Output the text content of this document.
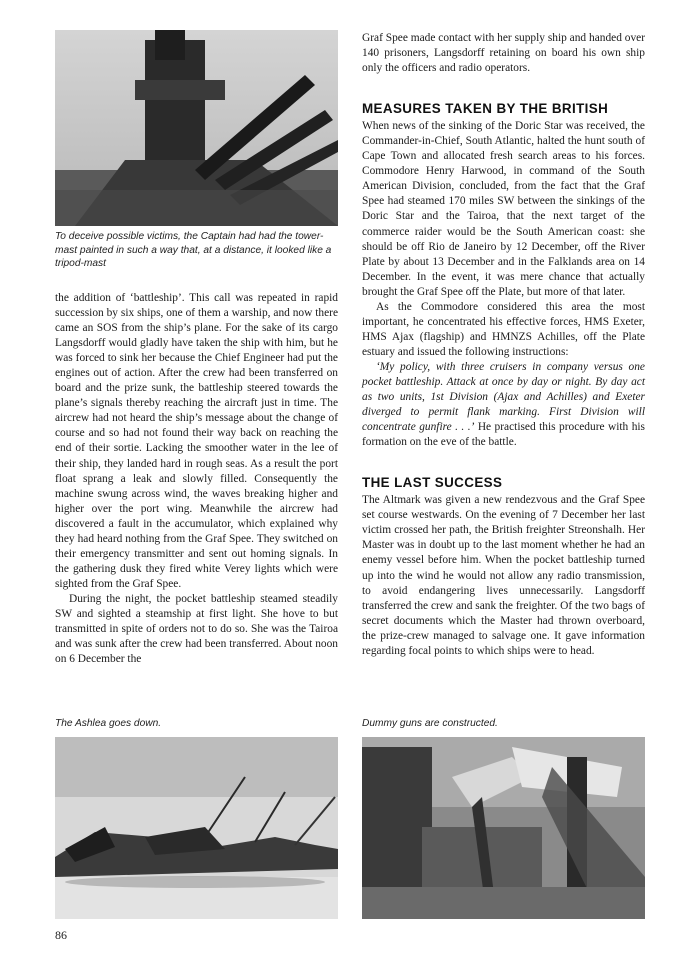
To deceive possible victims, the Captain had had the tower-mast painted in such a way that, at a distance, it looked like a tripod-mast

the addition of ‘battleship’. This call was repeated in rapid succession by six ships, one of them a warship, and now there came an SOS from the ship’s plane. For the sake of its cargo Langsdorff would gladly have taken the ship with him, but he was forced to sink her because the Chief Engineer had put the engines out of action. After the crew had been transferred on board and the prize sunk, the battleship steered towards the plane’s signals thereby reaching the aircraft just in time. The aircrew had not heard the ship’s message about the change of course and so had not found their way back on reaching the end of their sortie. Lacking the smoother water in the lee of their ship, they landed hard in rough seas. As a result the port float sprang a leak and slowly filled. Consequently the machine swung across wind, the waves breaking higher and higher over the port wing. Meanwhile the aircrew had discovered a fault in the accumulator, which explained why they had heard nothing from the Graf Spee. They switched on their emergency transmitter and sent out homing signals. In the gathering dusk they fired white Verey lights which were sighted from the Graf Spee.

During the night, the pocket battleship steamed steadily SW and sighted a steamship at first light. She hove to but transmitted in spite of orders not to do so. She was the Tairoa and was sunk after the crew had been transferred. About noon on 6 December the

Graf Spee made contact with her supply ship and handed over 140 prisoners, Langsdorff retaining on board his own ship only the officers and radio operators.

MEASURES TAKEN BY THE BRITISH

When news of the sinking of the Doric Star was received, the Commander-in-Chief, South Atlantic, halted the hunt south of Cape Town and allocated fresh search areas to his forces. Commodore Henry Harwood, in command of the South American Division, concluded, from the fact that the Graf Spee had steamed 170 miles SW between the sinkings of the Doric Star and the Tairoa, that the next target of the commerce raider would be the South American coast: she should be off Rio de Janeiro by 12 December, off the River Plate by about 13 December and in the Falklands area on 14 December. In the event, it was mere chance that actually brought the Graf Spee off the Plate, but more of that later.

As the Commodore considered this area the most important, he concentrated his effective forces, HMS Exeter, HMS Ajax (flagship) and HMNZS Achilles, off the Plate estuary and issued the following instructions:

‘My policy, with three cruisers in company versus one pocket battleship. Attack at once by day or night. By day act as two units, 1st Division (Ajax and Achilles) and Exeter diverged to permit flank marking. First Division will concentrate gunfire . . .’ He practised this procedure with his formation on the eve of the battle.

THE LAST SUCCESS

The Altmark was given a new rendezvous and the Graf Spee set course westwards. On the evening of 7 December her last victim crossed her path, the British freighter Streonshalh. Her Master was in doubt up to the last moment whether he had an enemy vessel before him. When the pocket battleship turned up into the wind he would not allow any radio transmission, to avoid endangering lives unnecessarily. Langsdorff transferred the crew and sank the freighter. Of the two bags of secret documents which the Master had thrown overboard, the prize-crew managed to salvage one. It gave information regarding focal points to which ships were to head.

The Ashlea goes down.	Dummy guns are constructed.
86
